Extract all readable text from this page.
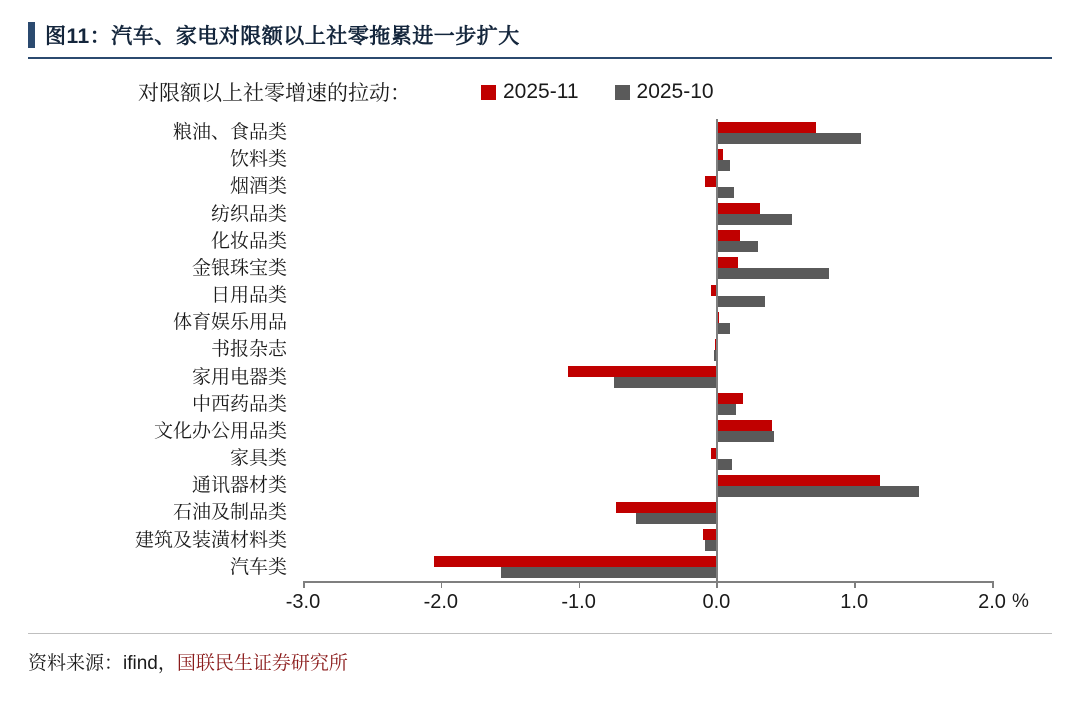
图11：汽车、家电对限额以上社零拖累进一步扩大
对限额以上社零增速的拉动：	2025-11	2025-10
粮油、食品类
饮料类
烟酒类
纺织品类
化妆品类
金银珠宝类
日用品类
体育娱乐用品
书报杂志
家用电器类
中西药品类
文化办公用品类
家具类
通讯器材类
石油及制品类
建筑及装潢材料类
汽车类
-3.0	-2.0	-1.0	0.0	1.0	2.0 %
资料来源：ifind，国联民生证券研究所
